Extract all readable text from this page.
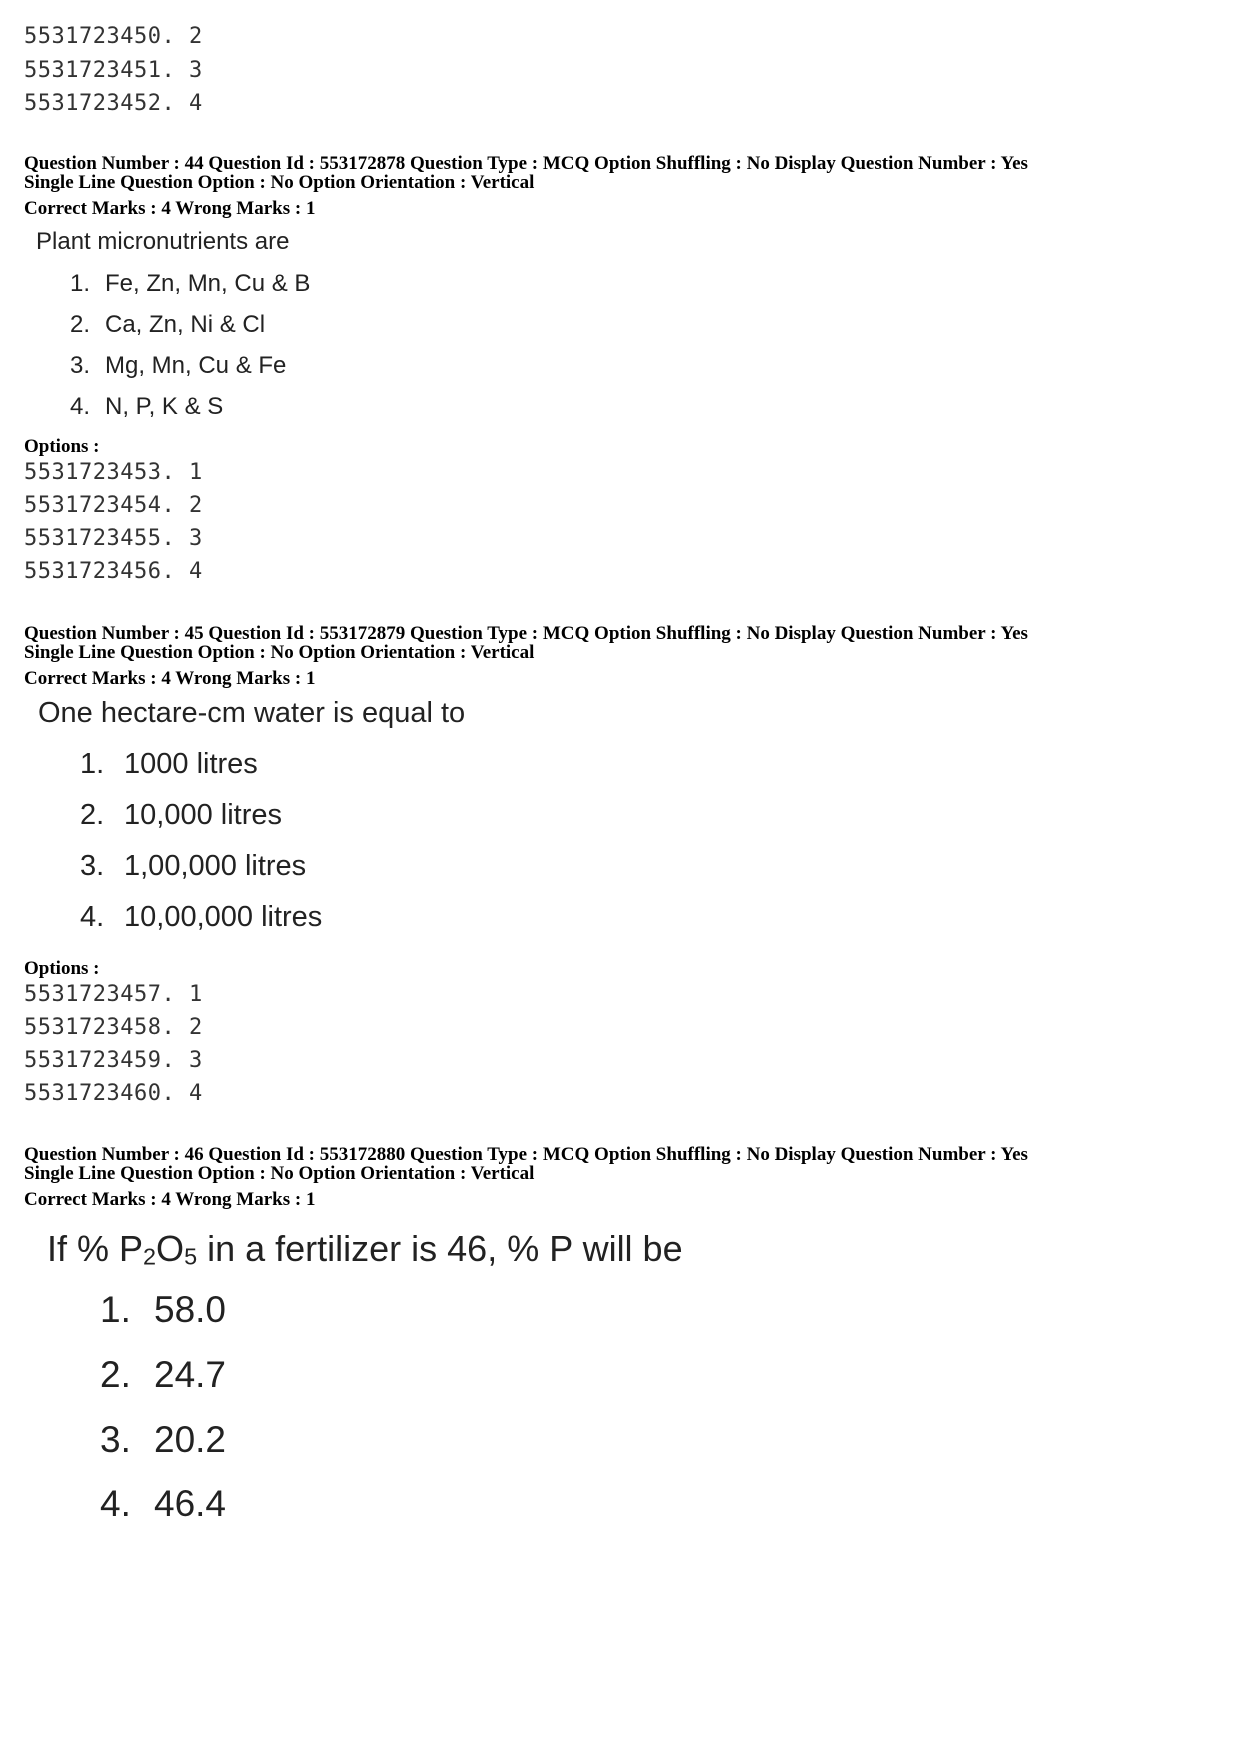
5531723450. 2
5531723451. 3
5531723452. 4
Question Number : 44 Question Id : 553172878 Question Type : MCQ Option Shuffling : No Display Question Number : Yes
Single Line Question Option : No Option Orientation : Vertical
Correct Marks : 4 Wrong Marks : 1
Plant micronutrients are
1. Fe, Zn, Mn, Cu & B
2. Ca, Zn, Ni & Cl
3. Mg, Mn, Cu & Fe
4. N, P, K & S
Options :
5531723453. 1
5531723454. 2
5531723455. 3
5531723456. 4
Question Number : 45 Question Id : 553172879 Question Type : MCQ Option Shuffling : No Display Question Number : Yes
Single Line Question Option : No Option Orientation : Vertical
Correct Marks : 4 Wrong Marks : 1
One hectare-cm water is equal to
1. 1000 litres
2. 10,000 litres
3. 1,00,000 litres
4. 10,00,000 litres
Options :
5531723457. 1
5531723458. 2
5531723459. 3
5531723460. 4
Question Number : 46 Question Id : 553172880 Question Type : MCQ Option Shuffling : No Display Question Number : Yes
Single Line Question Option : No Option Orientation : Vertical
Correct Marks : 4 Wrong Marks : 1
If % $P_2O_5$ in a fertilizer is 46, % P will be
1. 58.0
2. 24.7
3. 20.2
4. 46.4
